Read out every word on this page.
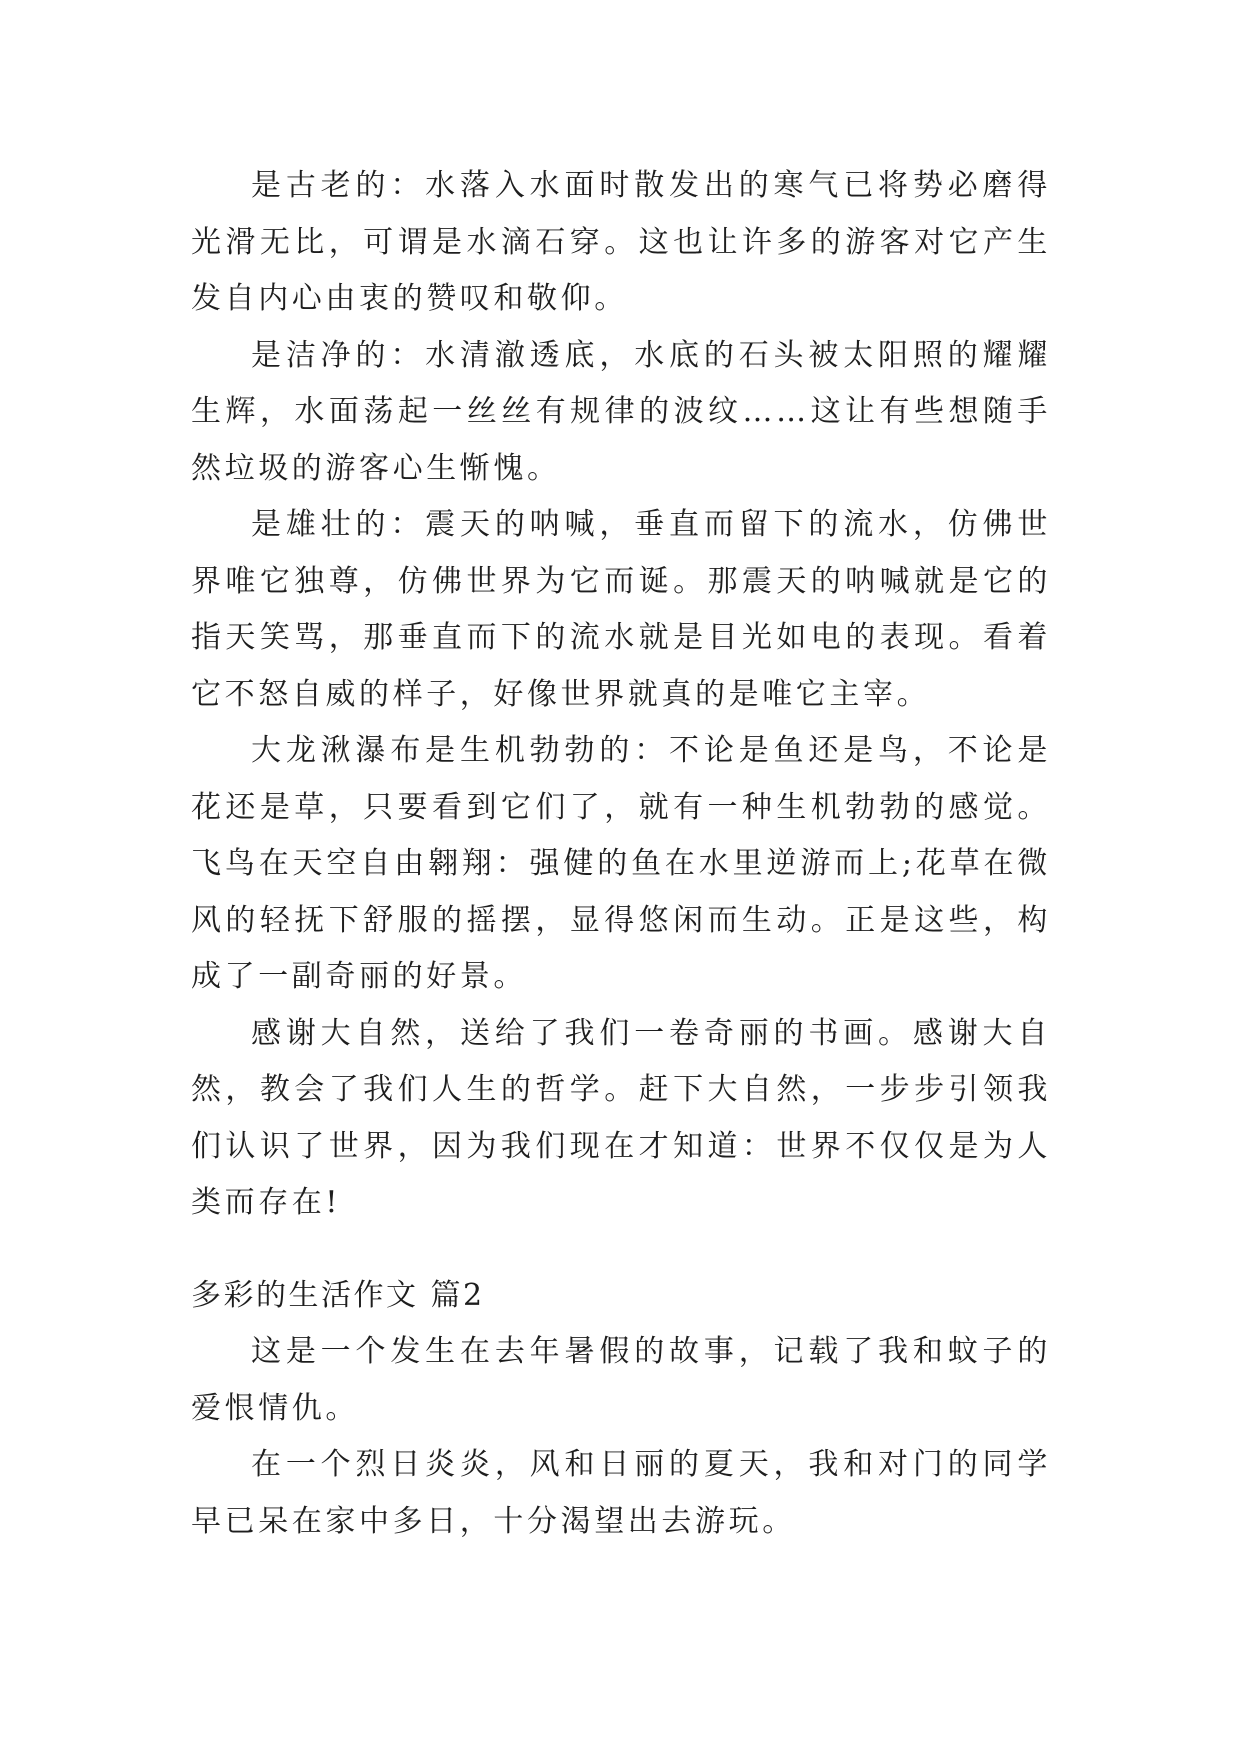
是古老的：水落入水面时散发出的寒气已将势必磨得光滑无比，可谓是水滴石穿。这也让许多的游客对它产生发自内心由衷的赞叹和敬仰。

是洁净的：水清澈透底，水底的石头被太阳照的耀耀生辉，水面荡起一丝丝有规律的波纹……这让有些想随手然垃圾的游客心生惭愧。

是雄壮的：震天的呐喊，垂直而留下的流水，仿佛世界唯它独尊，仿佛世界为它而诞。那震天的呐喊就是它的指天笑骂，那垂直而下的流水就是目光如电的表现。看着它不怒自威的样子，好像世界就真的是唯它主宰。

大龙湫瀑布是生机勃勃的：不论是鱼还是鸟，不论是花还是草，只要看到它们了，就有一种生机勃勃的感觉。飞鸟在天空自由翱翔：强健的鱼在水里逆游而上;花草在微风的轻抚下舒服的摇摆，显得悠闲而生动。正是这些，构成了一副奇丽的好景。

感谢大自然，送给了我们一卷奇丽的书画。感谢大自然，教会了我们人生的哲学。赶下大自然，一步步引领我们认识了世界，因为我们现在才知道：世界不仅仅是为人类而存在!

多彩的生活作文 篇2

这是一个发生在去年暑假的故事，记载了我和蚊子的爱恨情仇。

在一个烈日炎炎，风和日丽的夏天，我和对门的同学早已呆在家中多日，十分渴望出去游玩。
